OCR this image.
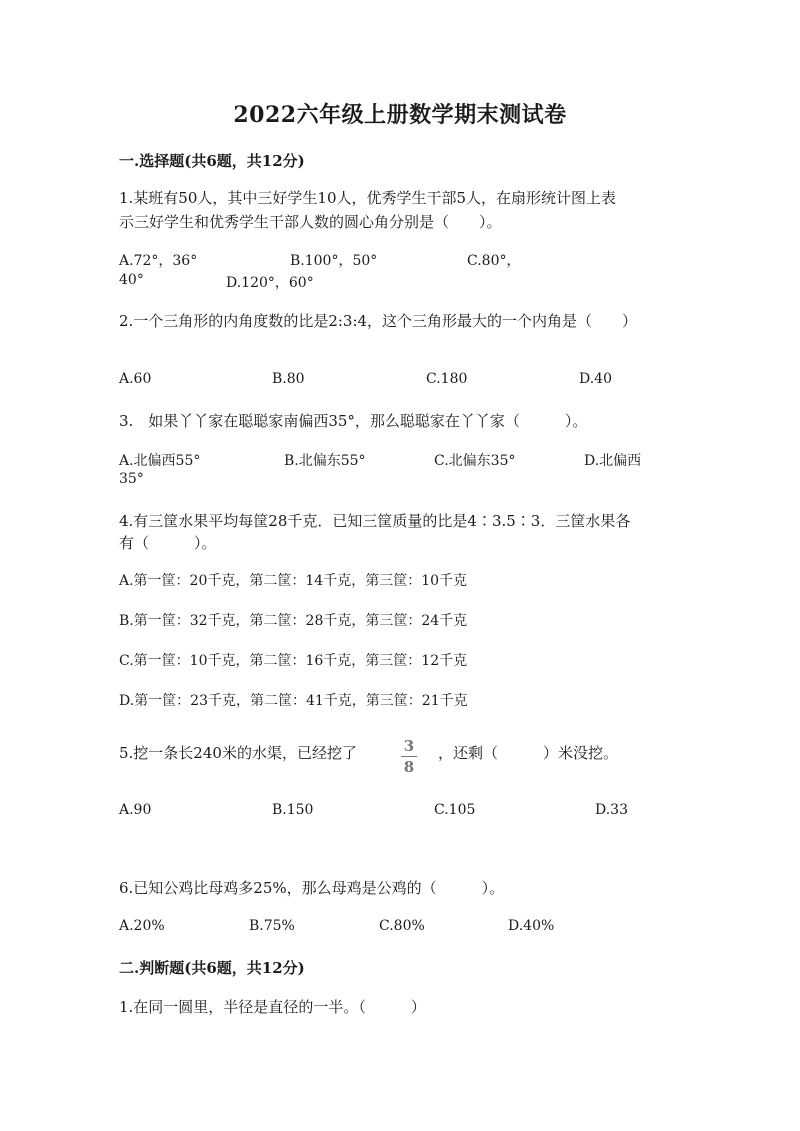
2022六年级上册数学期末测试卷
一.选择题(共6题，共12分)
1.某班有50人，其中三好学生10人，优秀学生干部5人，在扇形统计图上表
示三好学生和优秀学生干部人数的圆心角分别是（　　）。
A.72°，36°	B.100°，50°	C.80°，
40°	D.120°，60°
2.一个三角形的内角度数的比是2:3:4，这个三角形最大的一个内角是（　　）
A.60	B.80	C.180	D.40
3.　如果丫丫家在聪聪家南偏西35°，那么聪聪家在丫丫家（　　　）。
A.北偏西55°	B.北偏东55°	C.北偏东35°	D.北偏西
35°
4.有三筐水果平均每筐28千克．已知三筐质量的比是4∶3.5∶3．三筐水果各
有（　　　）。
A.第一筐：20千克，第二筐：14千克，第三筐：10千克
B.第一筐：32千克，第二筐：28千克，第三筐：24千克
C.第一筐：10千克，第二筐：16千克，第三筐：12千克
D.第一筐：23千克，第二筐：41千克，第三筐：21千克
5.挖一条长240米的水渠，已经挖了	3
8
，还剩（　　　）米没挖。
A.90	B.150	C.105	D.33
6.已知公鸡比母鸡多25%，那么母鸡是公鸡的（　　　）。
A.20%	B.75%	C.80%	D.40%
二.判断题(共6题，共12分)
1.在同一圆里，半径是直径的一半。（　　　）
